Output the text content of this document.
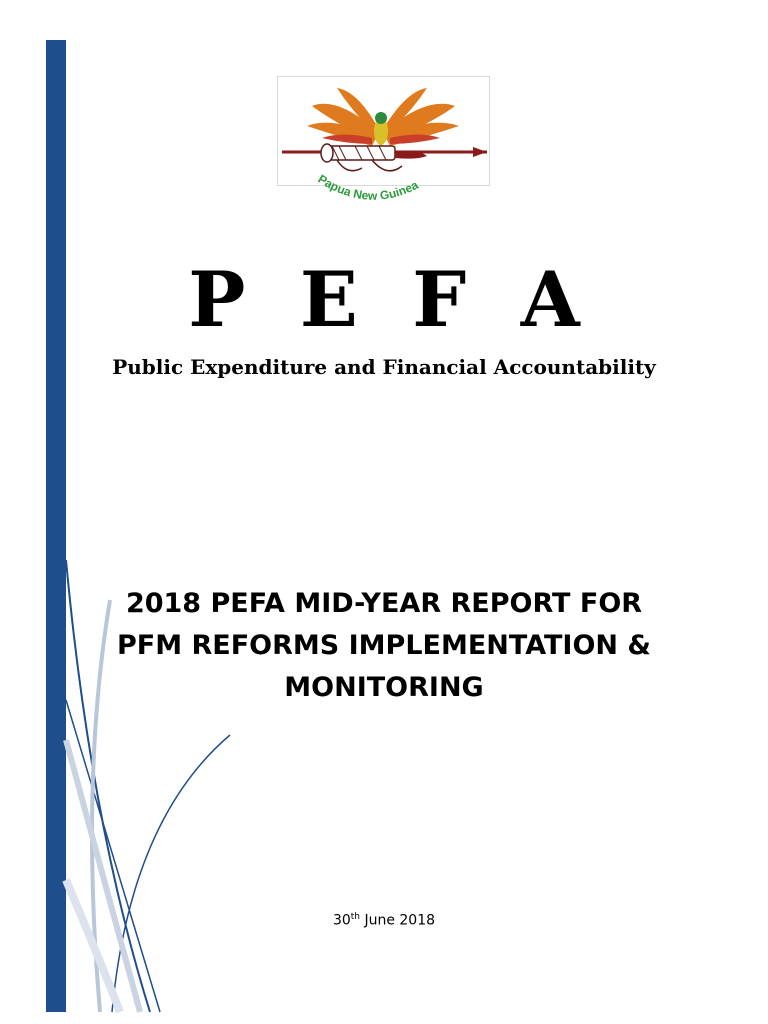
Papua New Guinea
P E F A
Public Expenditure and Financial Accountability
2018 PEFA MID-YEAR REPORT FOR
PFM REFORMS IMPLEMENTATION &
MONITORING
30th June 2018
